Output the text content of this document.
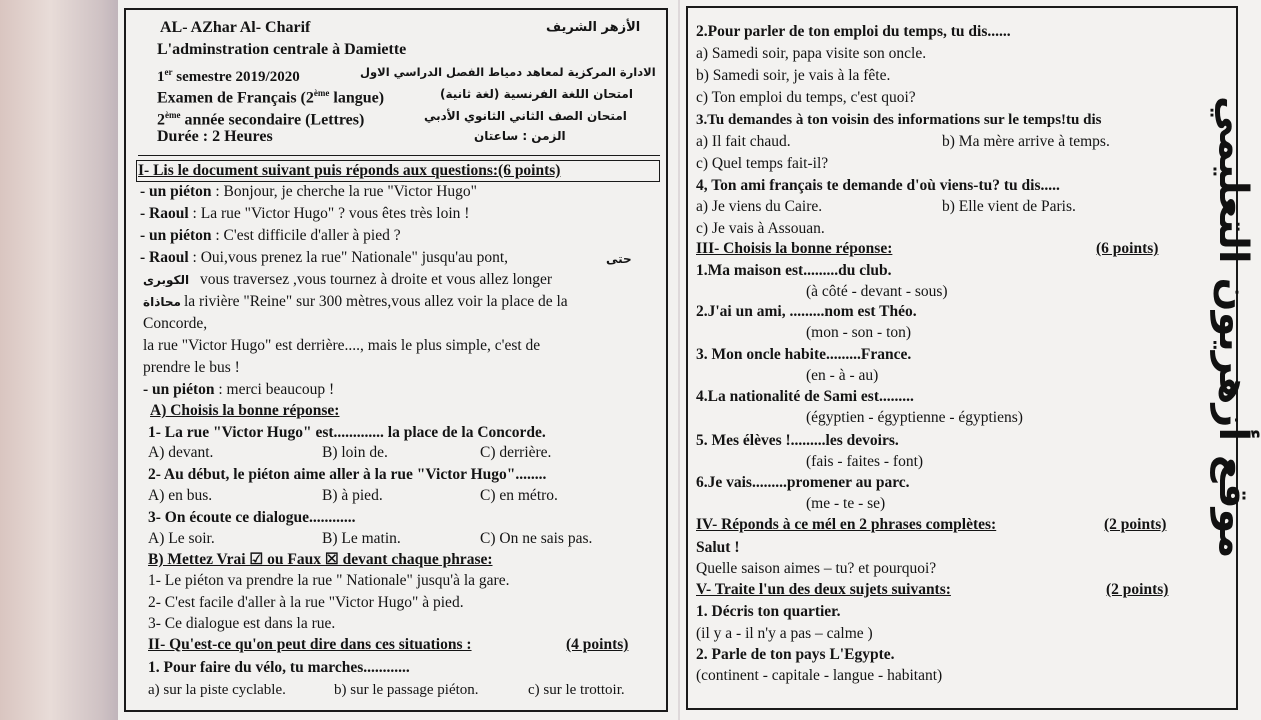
AL- AZhar Al- Charif	الأزهر الشريف
L'adminstration centrale à Damiette
1er semestre 2019/2020	الادارة المركزية لمعاهد دمياط الفصل الدراسي الاول
Examen de Français (2ème langue)	امتحان اللغة الفرنسية (لغة ثانية)
2ème année secondaire (Lettres)	امتحان الصف الثاني الثانوي الأدبي
Durée : 2 Heures	الزمن : ساعتان
I- Lis le document suivant puis réponds aux questions:(6 points)
- un piéton : Bonjour, je cherche la rue "Victor Hugo"
- Raoul : La rue "Victor Hugo" ? vous êtes très loin !
- un piéton : C'est difficile d'aller à pied ?
- Raoul : Oui,vous prenez la rue" Nationale" jusqu'au pont,	حتى
الكوبرى vous traversez ,vous tournez à droite et vous allez longer
محاذاة la rivière "Reine" sur 300 mètres,vous allez voir la place de la
Concorde,
la rue "Victor Hugo" est derrière...., mais le plus simple, c'est de
prendre le bus !
- un piéton : merci beaucoup !
A) Choisis la bonne réponse:
1- La rue "Victor Hugo" est............. la place de la Concorde.
A) devant.	B) loin de.	C) derrière.
2- Au début, le piéton aime aller à la rue "Victor Hugo"........
A) en bus.	B) à pied.	C) en métro.
3- On écoute ce dialogue............
A) Le soir.	B) Le matin.	C) On ne sais pas.
B) Mettez Vrai ☑ ou Faux ☒ devant chaque phrase:
1- Le piéton va prendre la rue " Nationale" jusqu'à la gare.
2- C'est facile d'aller à la rue "Victor Hugo" à pied.
3- Ce dialogue est dans la rue.
II- Qu'est-ce qu'on peut dire dans ces situations :	(4 points)
1. Pour faire du vélo, tu marches............
a) sur la piste cyclable.	b) sur le passage piéton.	c) sur le trottoir.
2.Pour parler de ton emploi du temps, tu dis......
a) Samedi soir, papa visite son oncle.
b) Samedi soir, je vais à la fête.
c) Ton emploi du temps, c'est quoi?
3.Tu demandes à ton voisin des informations sur le temps!tu dis
a) Il fait chaud.	b) Ma mère arrive à temps.
c) Quel temps fait-il?
4, Ton ami français te demande d'où viens-tu? tu dis.....
a) Je viens du Caire.	b) Elle vient de Paris.
c) Je vais à Assouan.
III- Choisis la bonne réponse:	(6 points)
1.Ma maison est.........du club.
(à côté - devant - sous)
2.J'ai un ami, .........nom est Théo.
(mon - son - ton)
3. Mon oncle habite.........France.
(en - à - au)
4.La nationalité de Sami est.........
(égyptien - égyptienne - égyptiens)
5. Mes élèves !.........les devoirs.
(fais - faites - font)
6.Je vais.........promener au parc.
(me - te - se)
IV- Réponds à ce mél en 2 phrases complètes:	(2 points)
Salut !
Quelle saison aimes – tu? et pourquoi?
V- Traite l'un des deux sujets suivants:	(2 points)
1. Décris ton quartier.
(il y a - il n'y a pas – calme )
2. Parle de ton pays L'Egypte.
(continent - capitale - langue - habitant)
موقع أزهريون التعليمي
